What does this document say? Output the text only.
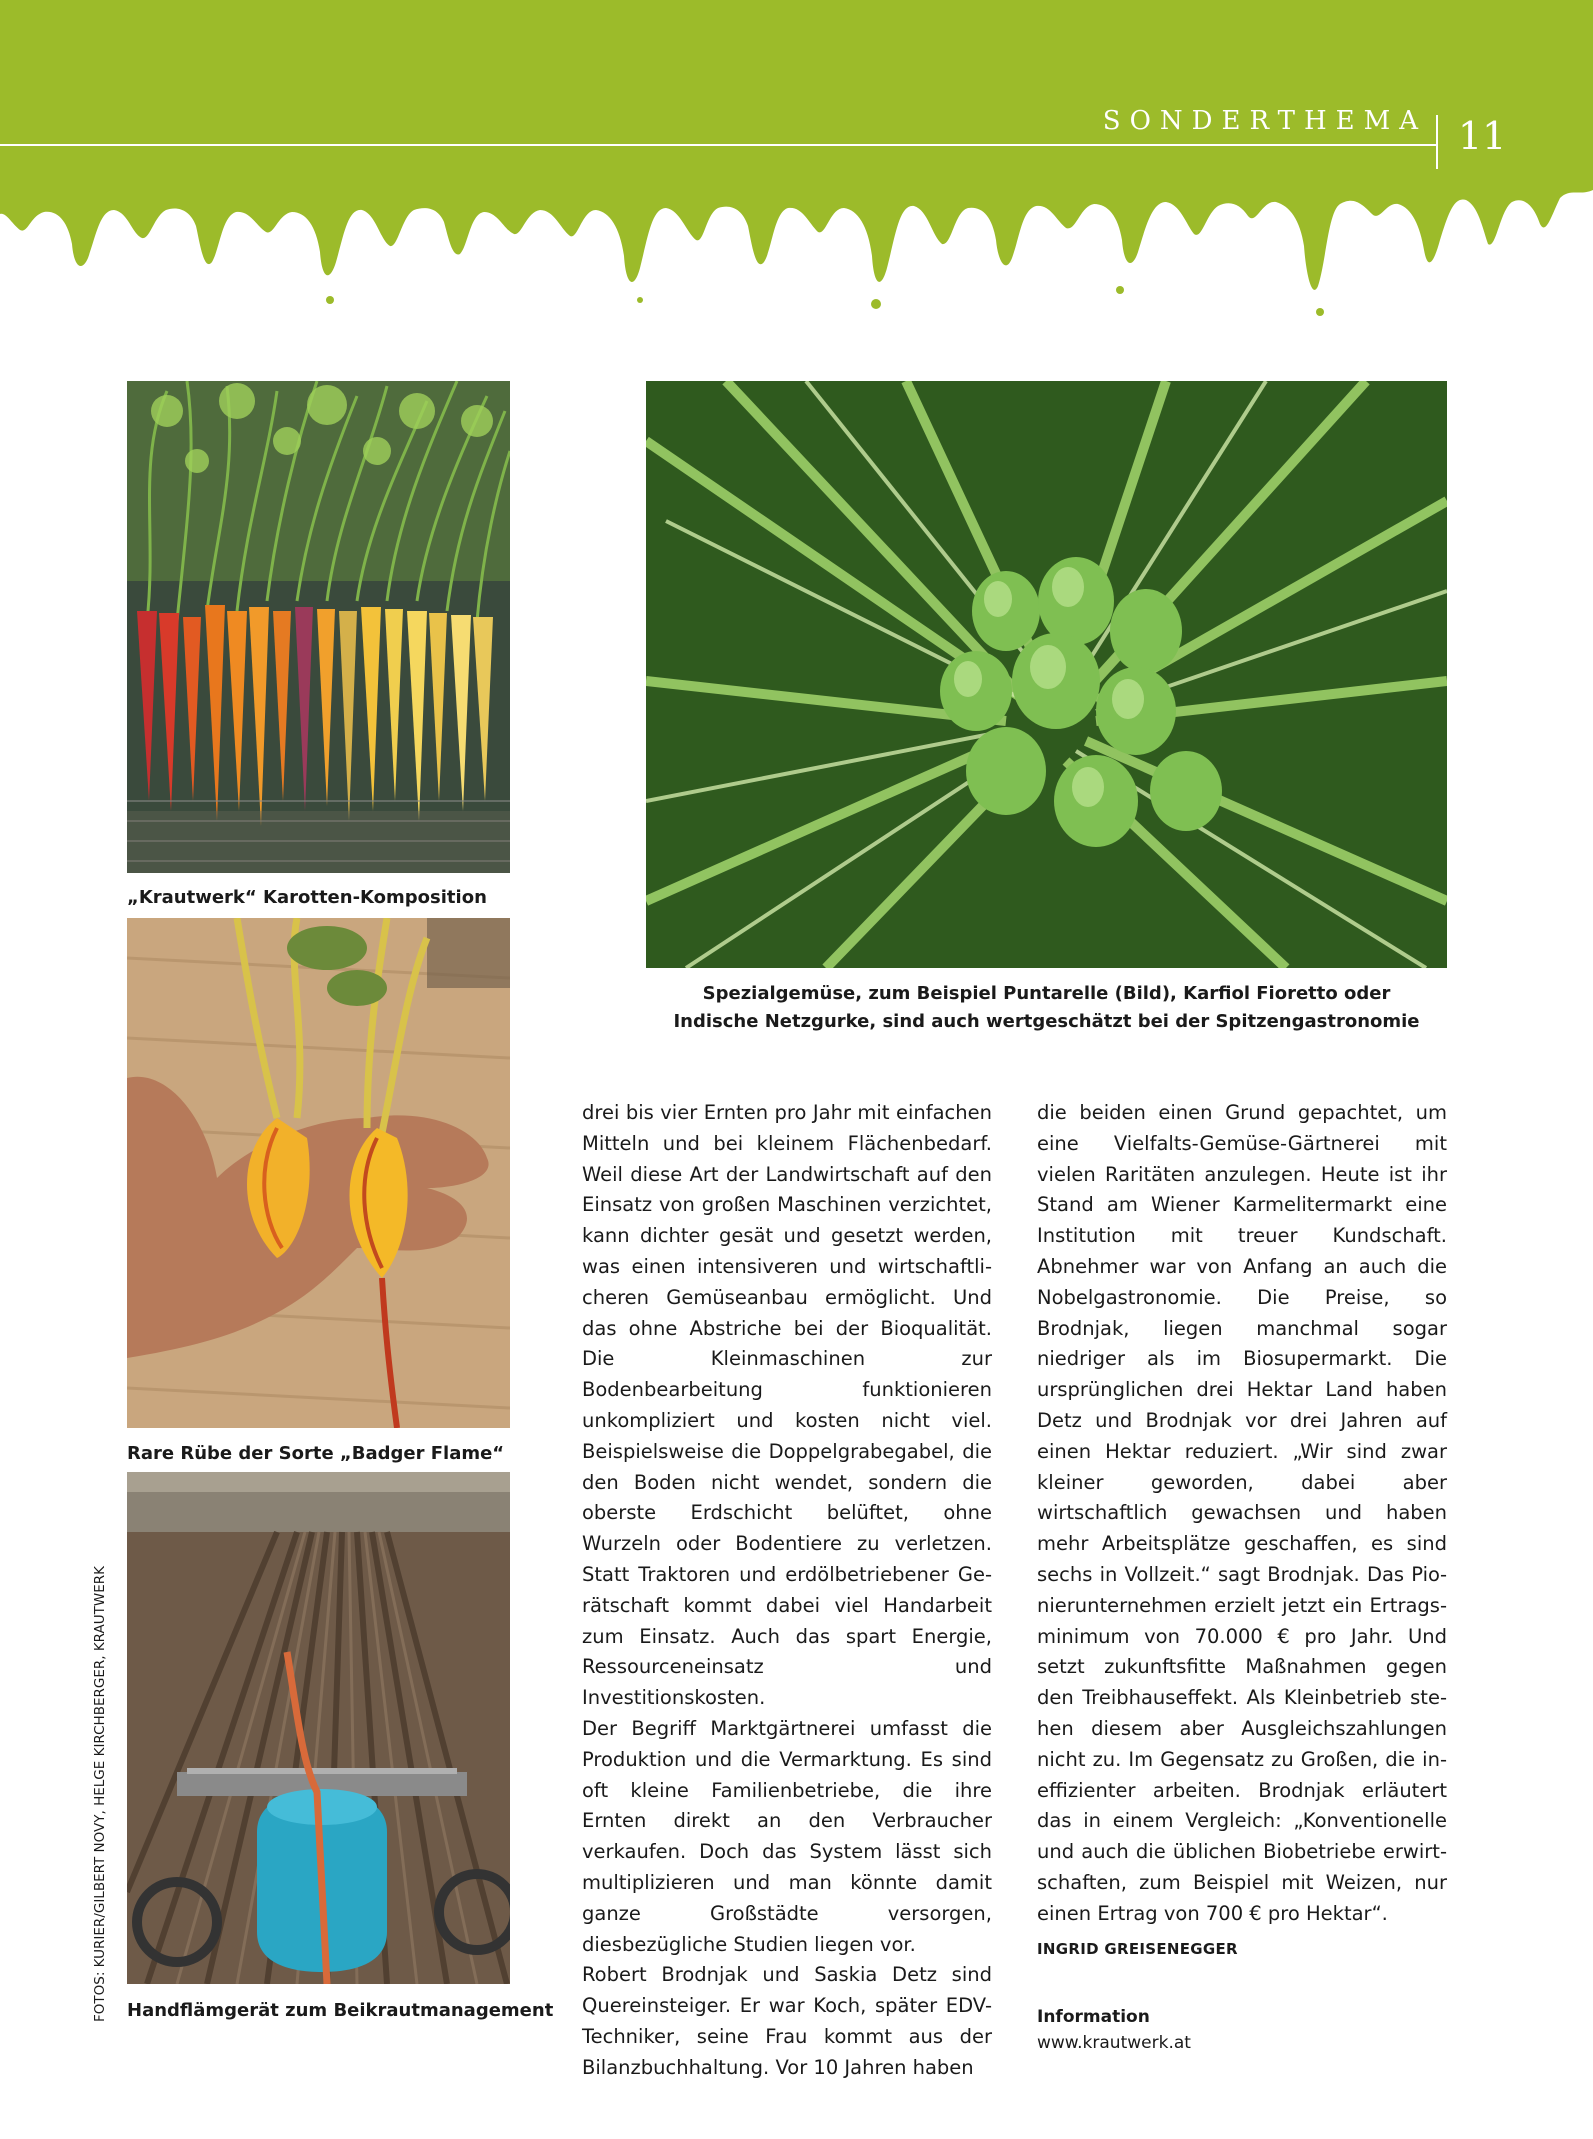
SONDERTHEMA 11
„Krautwerk“ Karotten-Komposition
Spezialgemüse, zum Beispiel Puntarelle (Bild), Karfiol Fioretto oder
Indische Netzgurke, sind auch wertgeschätzt bei der Spitzengastronomie
Rare Rübe der Sorte „Badger Flame“
Handflämgerät zum Beikrautmanagement

drei bis vier Ernten pro Jahr mit einfachen Mitteln und bei kleinem Flächenbedarf. Weil diese Art der Landwirtschaft auf den Einsatz von großen Maschinen verzichtet, kann dichter gesät und gesetzt werden, was einen intensiveren und wirtschaftlicheren Gemüseanbau ermöglicht. Und das ohne Abstriche bei der Bioqualität. Die Kleinmaschinen zur Bodenbearbeitung funktionieren unkompliziert und kosten nicht viel. Beispielsweise die Doppelgrabegabel, die den Boden nicht wendet, sondern die oberste Erdschicht belüftet, ohne Wurzeln oder Bodentiere zu verletzen. Statt Traktoren und erdölbetriebener Gerätschaft kommt dabei viel Handarbeit zum Einsatz. Auch das spart Energie, Ressourceneinsatz und Investitionskosten.

Der Begriff Marktgärtnerei umfasst die Produktion und die Vermarktung. Es sind oft kleine Familienbetriebe, die ihre Ernten direkt an den Verbraucher verkaufen. Doch das System lässt sich multiplizieren und man könnte damit ganze Großstädte versorgen, diesbezügliche Studien liegen vor.

Robert Brodnjak und Saskia Detz sind Quereinsteiger. Er war Koch, später EDV-Techniker, seine Frau kommt aus der Bilanzbuchhaltung. Vor 10 Jahren haben

die beiden einen Grund gepachtet, um eine Vielfalts-Gemüse-Gärtnerei mit vielen Raritäten anzulegen. Heute ist ihr Stand am Wiener Karmelitermarkt eine Institution mit treuer Kundschaft. Abnehmer war von Anfang an auch die Nobelgastronomie. Die Preise, so Brodnjak, liegen manchmal sogar niedriger als im Biosupermarkt. Die ursprünglichen drei Hektar Land haben Detz und Brodnjak vor drei Jahren auf einen Hektar reduziert. „Wir sind zwar kleiner geworden, dabei aber wirtschaftlich gewachsen und haben mehr Arbeitsplätze geschaffen, es sind sechs in Vollzeit.“ sagt Brodnjak. Das Pionierunternehmen erzielt jetzt ein Ertragsminimum von 70.000 € pro Jahr. Und setzt zukunftsfitte Maßnahmen gegen den Treibhauseffekt. Als Kleinbetrieb stehen diesem aber Ausgleichszahlungen nicht zu. Im Gegensatz zu Großen, die ineffizienter arbeiten. Brodnjak erläutert das in einem Vergleich: „Konventionelle und auch die üblichen Biobetriebe erwirtschaften, zum Beispiel mit Weizen, nur einen Ertrag von 700 € pro Hektar“.

INGRID GREISENEGGER
Information
www.krautwerk.at
FOTOS: KURIER/GILBERT NOVY, HELGE KIRCHBERGER, KRAUTWERK
